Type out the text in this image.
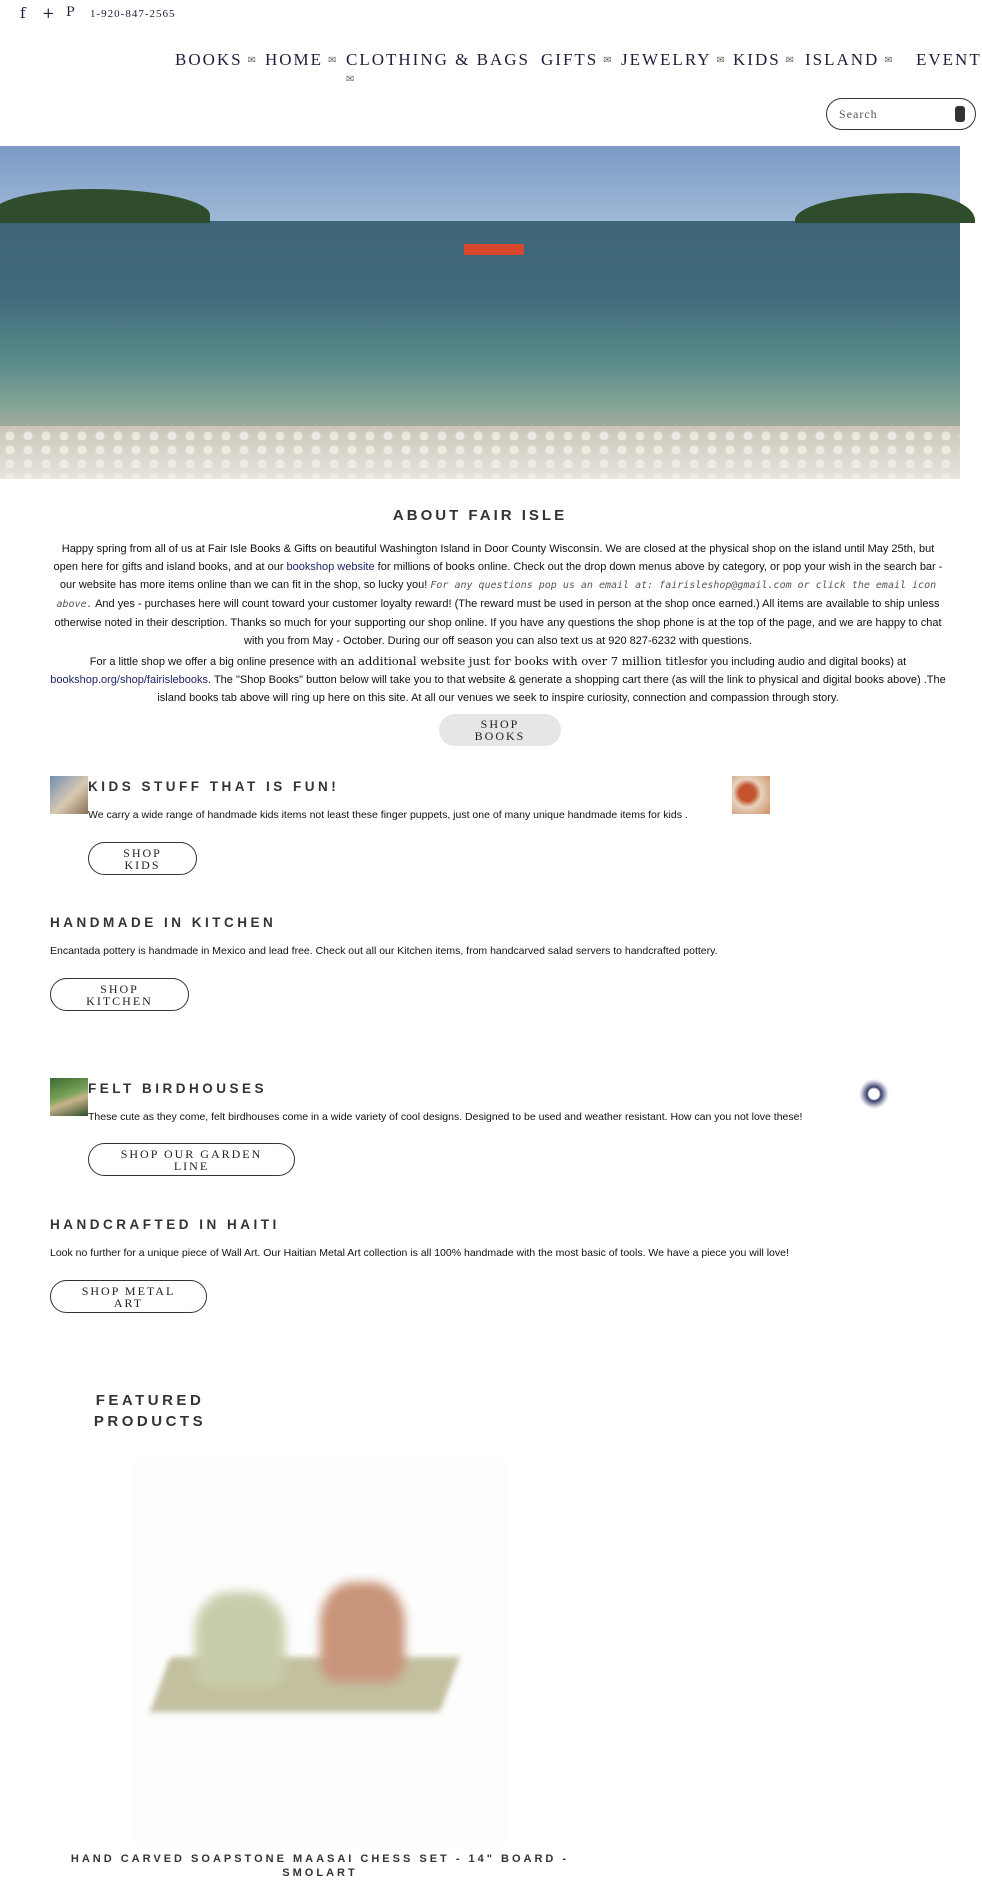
f + P 1-920-847-2565
BOOKS ✉ HOME ✉ CLOTHING & BAGS GIFTS ✉ JEWELRY ✉ KIDS ✉ ISLAND ✉ EVENT
✉
Search
ABOUT FAIR ISLE

Happy spring from all of us at Fair Isle Books & Gifts on beautiful Washington Island in Door County Wisconsin. We are closed at the physical shop on the island until May 25th, but open here for gifts and island books, and at our bookshop website for millions of books online. Check out the drop down menus above by category, or pop your wish in the search bar - our website has more items online than we can fit in the shop, so lucky you! For any questions pop us an email at: fairisleshop@gmail.com or click the email icon above. And yes - purchases here will count toward your customer loyalty reward! (The reward must be used in person at the shop once earned.) All items are available to ship unless otherwise noted in their description. Thanks so much for your supporting our shop online. If you have any questions the shop phone is at the top of the page, and we are happy to chat with you from May - October. During our off season you can also text us at 920 827-6232 with questions.

For a little shop we offer a big online presence with an additional website just for books with over 7 million titlesfor you including audio and digital books) at bookshop.org/shop/fairislebooks. The "Shop Books" button below will take you to that website & generate a shopping cart there (as will the link to physical and digital books above) .The island books tab above will ring up here on this site. At all our venues we seek to inspire curiosity, connection and compassion through story.

SHOP
BOOKS
KIDS STUFF THAT IS FUN!
We carry a wide range of handmade kids items not least these finger puppets, just one of many unique handmade items for kids .
SHOP
KIDS
HANDMADE IN KITCHEN
Encantada pottery is handmade in Mexico and lead free. Check out all our Kitchen items, from handcarved salad servers to handcrafted pottery.
SHOP
KITCHEN
FELT BIRDHOUSES
These cute as they come, felt birdhouses come in a wide variety of cool designs. Designed to be used and weather resistant. How can you not love these!
SHOP OUR GARDEN
LINE
HANDCRAFTED IN HAITI
Look no further for a unique piece of Wall Art. Our Haitian Metal Art collection is all 100% handmade with the most basic of tools. We have a piece you will love!
SHOP METAL
ART
FEATURED
PRODUCTS
HAND CARVED SOAPSTONE MAASAI CHESS SET - 14" BOARD -
SMOLART
